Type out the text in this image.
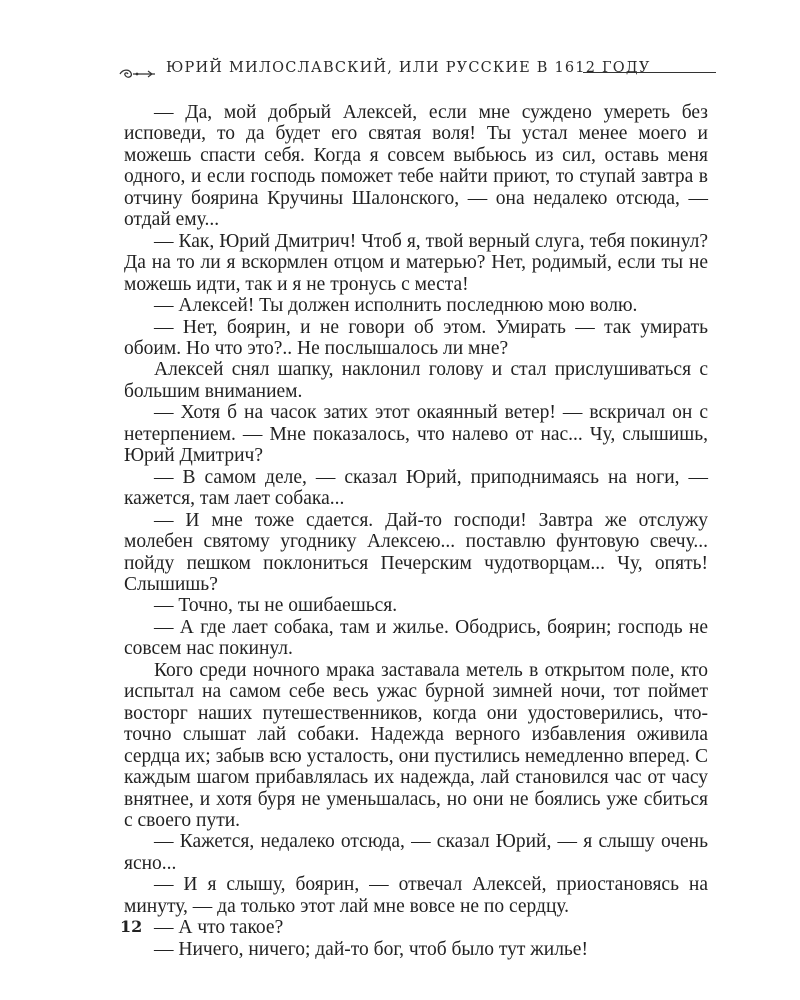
ЮРИЙ МИЛОСЛАВСКИЙ, ИЛИ РУССКИЕ В 1612 ГОДУ

— Да, мой добрый Алексей, если мне суждено умереть без исповеди, то да будет его святая воля! Ты устал менее моего и можешь спасти себя. Когда я совсем выбьюсь из сил, оставь меня одного, и если господь поможет тебе найти приют, то ступай завтра в отчину боярина Кручины Шалонского, — она недалеко отсюда, — отдай ему...

— Как, Юрий Дмитрич! Чтоб я, твой верный слуга, тебя покинул? Да на то ли я вскормлен отцом и матерью? Нет, родимый, если ты не можешь идти, так и я не тронусь с места!

— Алексей! Ты должен исполнить последнюю мою волю.

— Нет, боярин, и не говори об этом. Умирать — так умирать обоим. Но что это?.. Не послышалось ли мне?

Алексей снял шапку, наклонил голову и стал прислушиваться с большим вниманием.

— Хотя б на часок затих этот окаянный ветер! — вскричал он с нетерпением. — Мне показалось, что налево от нас... Чу, слышишь, Юрий Дмитрич?

— В самом деле, — сказал Юрий, приподнимаясь на ноги, — кажется, там лает собака...

— И мне тоже сдается. Дай-то господи! Завтра же отслужу молебен святому угоднику Алексею... поставлю фунтовую свечу... пойду пешком поклониться Печерским чудотворцам... Чу, опять! Слышишь?

— Точно, ты не ошибаешься.

— А где лает собака, там и жилье. Ободрись, боярин; господь не совсем нас покинул.

Кого среди ночного мрака заставала метель в открытом поле, кто испытал на самом себе весь ужас бурной зимней ночи, тот поймет восторг наших путешественников, когда они удостоверились, что-точно слышат лай собаки. Надежда верного избавления оживила сердца их; забыв всю усталость, они пустились немедленно вперед. С каждым шагом прибавлялась их надежда, лай становился час от часу внятнее, и хотя буря не уменьшалась, но они не боялись уже сбиться с своего пути.

— Кажется, недалеко отсюда, — сказал Юрий, — я слышу очень ясно...

— И я слышу, боярин, — отвечал Алексей, приостановясь на минуту, — да только этот лай мне вовсе не по сердцу.

— А что такое?

— Ничего, ничего; дай-то бог, чтоб было тут жилье!

12
